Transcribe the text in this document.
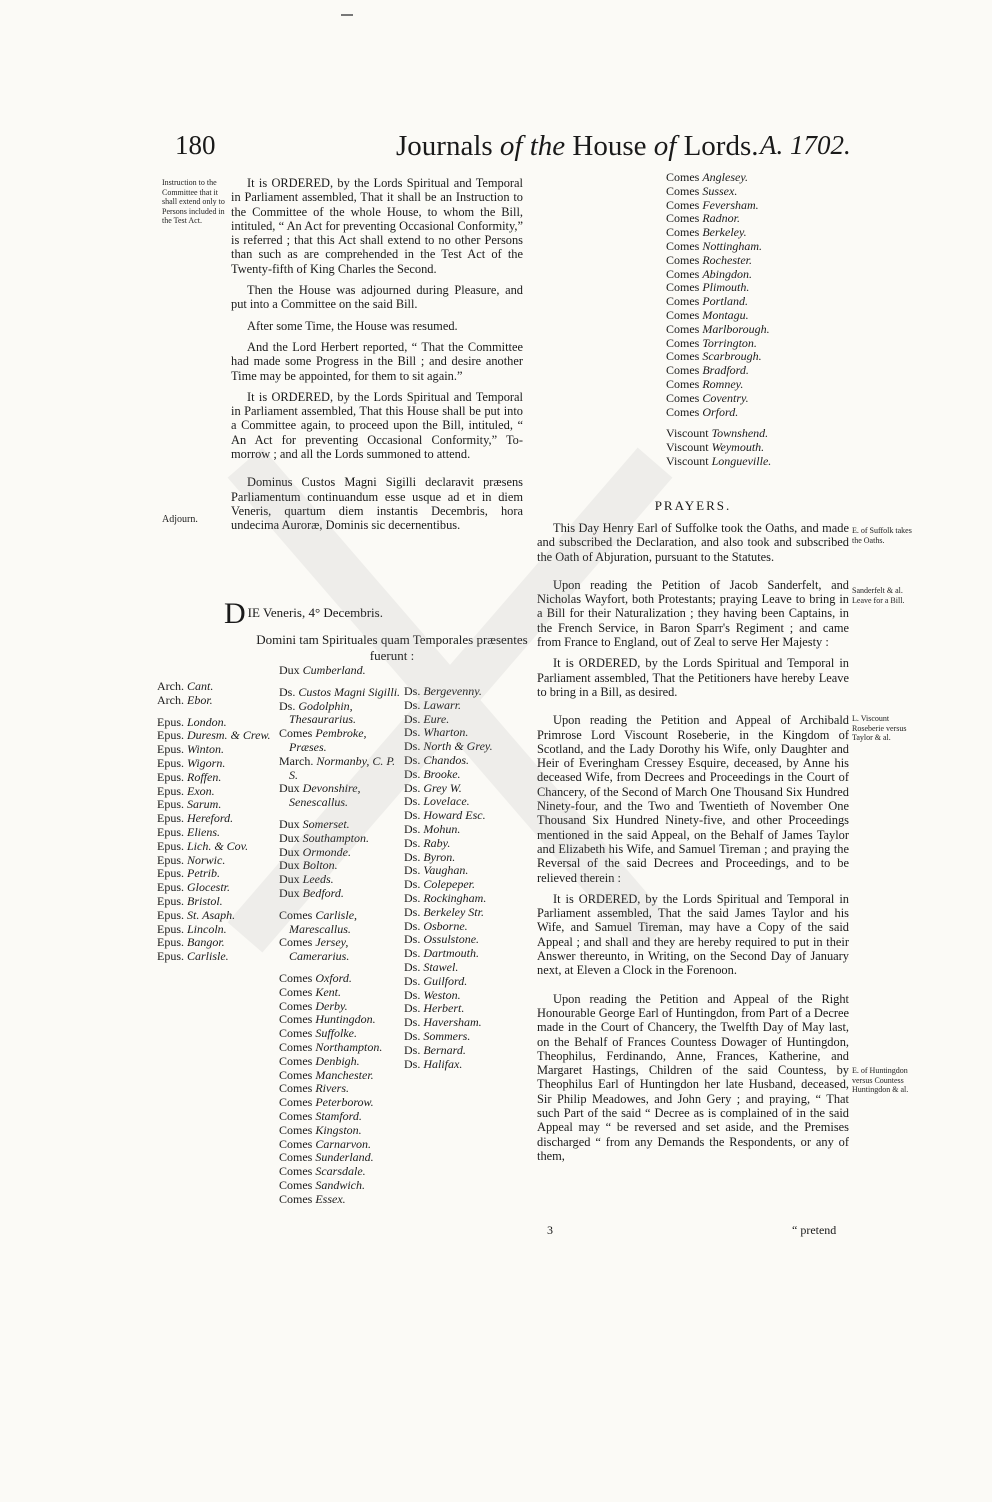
180	Journals of the House of Lords. A. 1702.
Instruction to the Committee that it shall extend only to Persons included in the Test Act.
Adjourn.

It is ORDERED, by the Lords Spiritual and Temporal in Parliament assembled, That it shall be an Instruction to the Committee of the whole House, to whom the Bill, intituled, “ An Act for preventing Occasional Conformity,” is referred ; that this Act shall extend to no other Persons than such as are comprehended in the Test Act of the Twenty-fifth of King Charles the Second.

Then the House was adjourned during Pleasure, and put into a Committee on the said Bill.

After some Time, the House was resumed.

And the Lord Herbert reported, “ That the Committee had made some Progress in the Bill ; and desire another Time may be appointed, for them to sit again.”

It is ORDERED, by the Lords Spiritual and Temporal in Parliament assembled, That this House shall be put into a Committee again, to proceed upon the Bill, intituled, “ An Act for preventing Occasional Conformity,” To-morrow ; and all the Lords summoned to attend.

Dominus Custos Magni Sigilli declaravit præsens Parliamentum continuandum esse usque ad et in diem Veneris, quartum diem instantis Decembris, hora undecima Auroræ, Dominis sic decernentibus.

DIE Veneris, 4° Decembris.
Domini tam Spirituales quam Temporales præsentes fuerunt :
Arch. Cant.
Arch. Ebor.
Epus. London.
Epus. Duresm. & Crew.
Epus. Winton.
Epus. Wigorn.
Epus. Roffen.
Epus. Exon.
Epus. Sarum.
Epus. Hereford.
Epus. Eliens.
Epus. Lich. & Cov.
Epus. Norwic.
Epus. Petrib.
Epus. Glocestr.
Epus. Bristol.
Epus. St. Asaph.
Epus. Lincoln.
Epus. Bangor.
Epus. Carlisle.
Dux Cumberland.
Ds. Custos Magni Sigilli.
Ds. Godolphin, Thesaurarius.
Comes Pembroke, Præses.
March. Normanby, C. P. S.
Dux Devonshire, Senescallus.
Dux Somerset.
Dux Southampton.
Dux Ormonde.
Dux Bolton.
Dux Leeds.
Dux Bedford.
Comes Carlisle, Marescallus.
Comes Jersey, Camerarius.
Comes Oxford.
Comes Kent.
Comes Derby.
Comes Huntingdon.
Comes Suffolke.
Comes Northampton.
Comes Denbigh.
Comes Manchester.
Comes Rivers.
Comes Peterborow.
Comes Stamford.
Comes Kingston.
Comes Carnarvon.
Comes Sunderland.
Comes Scarsdale.
Comes Sandwich.
Comes Essex.
Ds. Bergevenny.
Ds. Lawarr.
Ds. Eure.
Ds. Wharton.
Ds. North & Grey.
Ds. Chandos.
Ds. Brooke.
Ds. Grey W.
Ds. Lovelace.
Ds. Howard Esc.
Ds. Mohun.
Ds. Raby.
Ds. Byron.
Ds. Vaughan.
Ds. Colepeper.
Ds. Rockingham.
Ds. Berkeley Str.
Ds. Osborne.
Ds. Ossulstone.
Ds. Dartmouth.
Ds. Stawel.
Ds. Guilford.
Ds. Weston.
Ds. Herbert.
Ds. Haversham.
Ds. Sommers.
Ds. Bernard.
Ds. Halifax.
Comes Anglesey.
Comes Sussex.
Comes Feversham.
Comes Radnor.
Comes Berkeley.
Comes Nottingham.
Comes Rochester.
Comes Abingdon.
Comes Plimouth.
Comes Portland.
Comes Montagu.
Comes Marlborough.
Comes Torrington.
Comes Scarbrough.
Comes Bradford.
Comes Romney.
Comes Coventry.
Comes Orford.
Viscount Townshend.
Viscount Weymouth.
Viscount Longueville.
PRAYERS.
E. of Suffolk takes the Oaths.
Sanderfelt & al. Leave for a Bill.
L. Viscount Roseberie versus Taylor & al.
E. of Huntingdon versus Countess Huntingdon & al.

This Day Henry Earl of Suffolke took the Oaths, and made and subscribed the Declaration, and also took and subscribed the Oath of Abjuration, pursuant to the Statutes.

Upon reading the Petition of Jacob Sanderfelt, and Nicholas Wayfort, both Protestants; praying Leave to bring in a Bill for their Naturalization ; they having been Captains, in the French Service, in Baron Sparr's Regiment ; and came from France to England, out of Zeal to serve Her Majesty :

It is ORDERED, by the Lords Spiritual and Temporal in Parliament assembled, That the Petitioners have hereby Leave to bring in a Bill, as desired.

Upon reading the Petition and Appeal of Archibald Primrose Lord Viscount Roseberie, in the Kingdom of Scotland, and the Lady Dorothy his Wife, only Daughter and Heir of Everingham Cressey Esquire, deceased, by Anne his deceased Wife, from Decrees and Proceedings in the Court of Chancery, of the Second of March One Thousand Six Hundred Ninety-four, and the Two and Twentieth of November One Thousand Six Hundred Ninety-five, and other Proceedings mentioned in the said Appeal, on the Behalf of James Taylor and Elizabeth his Wife, and Samuel Tireman ; and praying the Reversal of the said Decrees and Proceedings, and to be relieved therein :

It is ORDERED, by the Lords Spiritual and Temporal in Parliament assembled, That the said James Taylor and his Wife, and Samuel Tireman, may have a Copy of the said Appeal ; and shall and they are hereby required to put in their Answer thereunto, in Writing, on the Second Day of January next, at Eleven a Clock in the Forenoon.

Upon reading the Petition and Appeal of the Right Honourable George Earl of Huntingdon, from Part of a Decree made in the Court of Chancery, the Twelfth Day of May last, on the Behalf of Frances Countess Dowager of Huntingdon, Theophilus, Ferdinando, Anne, Frances, Katherine, and Margaret Hastings, Children of the said Countess, by Theophilus Earl of Huntingdon her late Husband, deceased, Sir Philip Meadowes, and John Gery ; and praying, “ That such Part of the said “ Decree as is complained of in the said Appeal may “ be reversed and set aside, and the Premises discharged “ from any Demands the Respondents, or any of them,

3	“ pretend
